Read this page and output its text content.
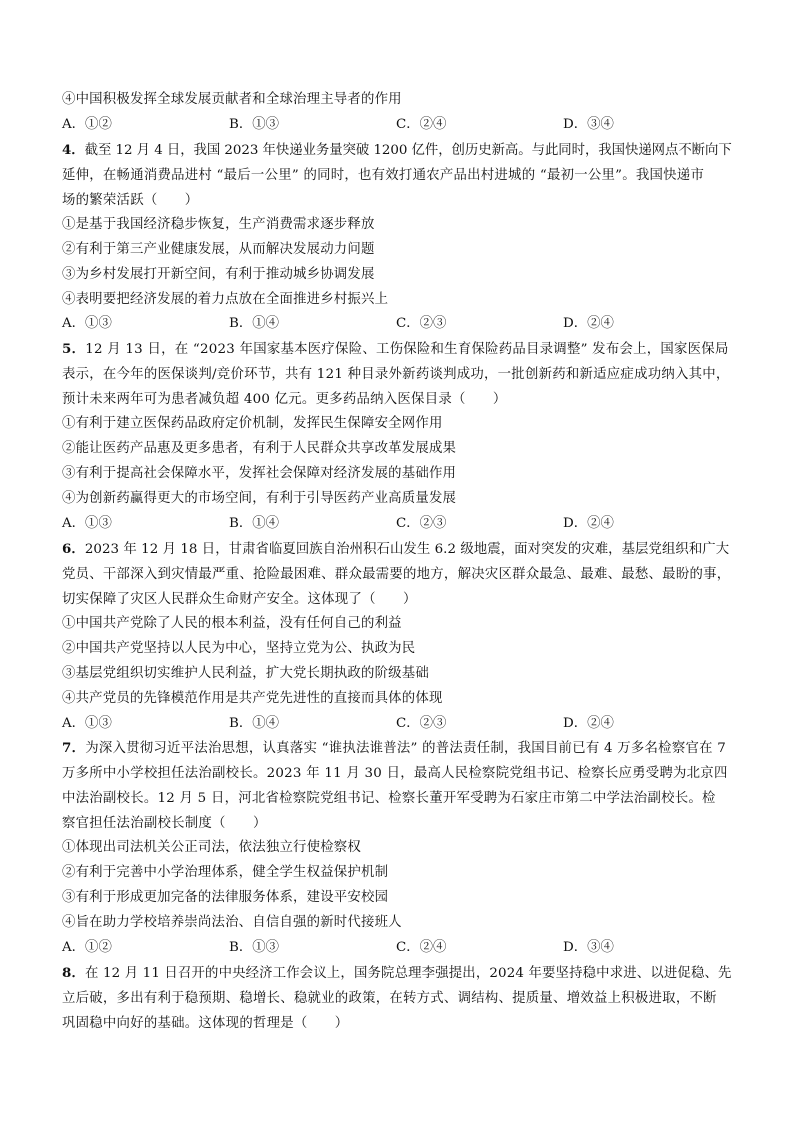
④中国积极发挥全球发展贡献者和全球治理主导者的作用
A．①②	B．①③	C．②④	D．③④
4．截至 12 月 4 日，我国 2023 年快递业务量突破 1200 亿件，创历史新高。与此同时，我国快递网点不断向下
延伸，在畅通消费品进村 “最后一公里” 的同时，也有效打通农产品出村进城的 “最初一公里”。我国快递市
场的繁荣活跃（　　）
①是基于我国经济稳步恢复，生产消费需求逐步释放
②有利于第三产业健康发展，从而解决发展动力问题
③为乡村发展打开新空间，有利于推动城乡协调发展
④表明要把经济发展的着力点放在全面推进乡村振兴上
A．①③	B．①④	C．②③	D．②④
5．12 月 13 日，在 “2023 年国家基本医疗保险、工伤保险和生育保险药品目录调整” 发布会上，国家医保局
表示，在今年的医保谈判/竞价环节，共有 121 种目录外新药谈判成功，一批创新药和新适应症成功纳入其中，
预计未来两年可为患者减负超 400 亿元。更多药品纳入医保目录（　　）
①有利于建立医保药品政府定价机制，发挥民生保障安全网作用
②能让医药产品惠及更多患者，有利于人民群众共享改革发展成果
③有利于提高社会保障水平，发挥社会保障对经济发展的基础作用
④为创新药赢得更大的市场空间，有利于引导医药产业高质量发展
A．①③	B．①④	C．②③	D．②④
6．2023 年 12 月 18 日，甘肃省临夏回族自治州积石山发生 6.2 级地震，面对突发的灾难，基层党组织和广大
党员、干部深入到灾情最严重、抢险最困难、群众最需要的地方，解决灾区群众最急、最难、最愁、最盼的事，
切实保障了灾区人民群众生命财产安全。这体现了（　　）
①中国共产党除了人民的根本利益，没有任何自己的利益
②中国共产党坚持以人民为中心，坚持立党为公、执政为民
③基层党组织切实维护人民利益，扩大党长期执政的阶级基础
④共产党员的先锋模范作用是共产党先进性的直接而具体的体现
A．①③	B．①④	C．②③	D．②④
7．为深入贯彻习近平法治思想，认真落实 “谁执法谁普法” 的普法责任制，我国目前已有 4 万多名检察官在 7
万多所中小学校担任法治副校长。2023 年 11 月 30 日，最高人民检察院党组书记、检察长应勇受聘为北京四
中法治副校长。12 月 5 日，河北省检察院党组书记、检察长董开军受聘为石家庄市第二中学法治副校长。检
察官担任法治副校长制度（　　）
①体现出司法机关公正司法，依法独立行使检察权
②有利于完善中小学治理体系，健全学生权益保护机制
③有利于形成更加完备的法律服务体系，建设平安校园
④旨在助力学校培养崇尚法治、自信自强的新时代接班人
A．①②	B．①③	C．②④	D．③④
8．在 12 月 11 日召开的中央经济工作会议上，国务院总理李强提出，2024 年要坚持稳中求进、以进促稳、先
立后破，多出有利于稳预期、稳增长、稳就业的政策，在转方式、调结构、提质量、增效益上积极进取，不断
巩固稳中向好的基础。这体现的哲理是（　　）
